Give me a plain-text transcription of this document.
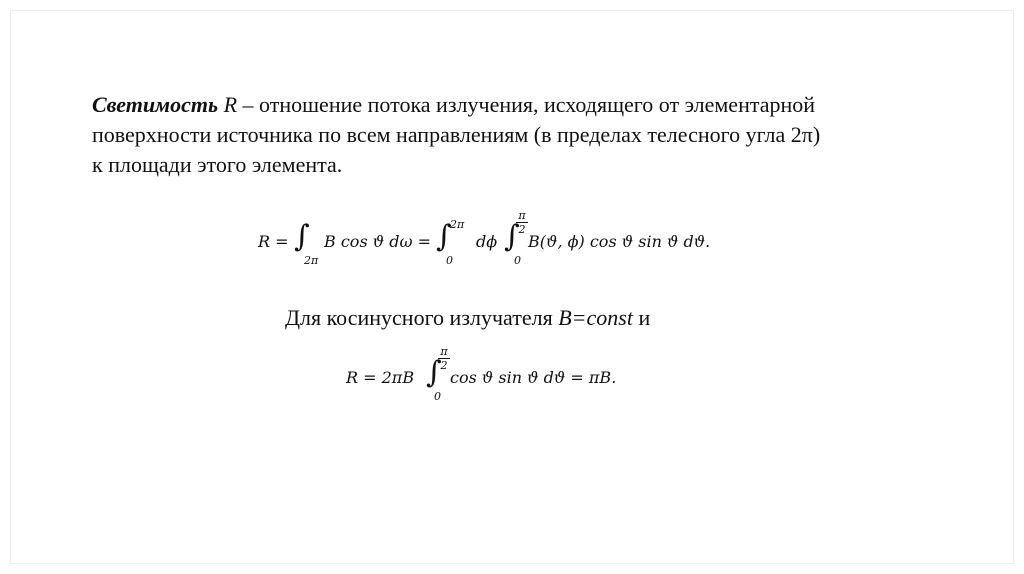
Светимость R – отношение потока излучения, исходящего от элементарной
поверхности источника по всем направлениям (в пределах телесного угла 2π)
к площади этого элемента.
R = ∫
2π
B cos ϑ dω = ∫
2π
0
dϕ ∫
π
2
0
B(ϑ, ϕ) cos ϑ sin ϑ dϑ.
Для косинусного излучателя B=const и
R = 2πB ∫
π
2
0
cos ϑ sin ϑ dϑ = πB.
